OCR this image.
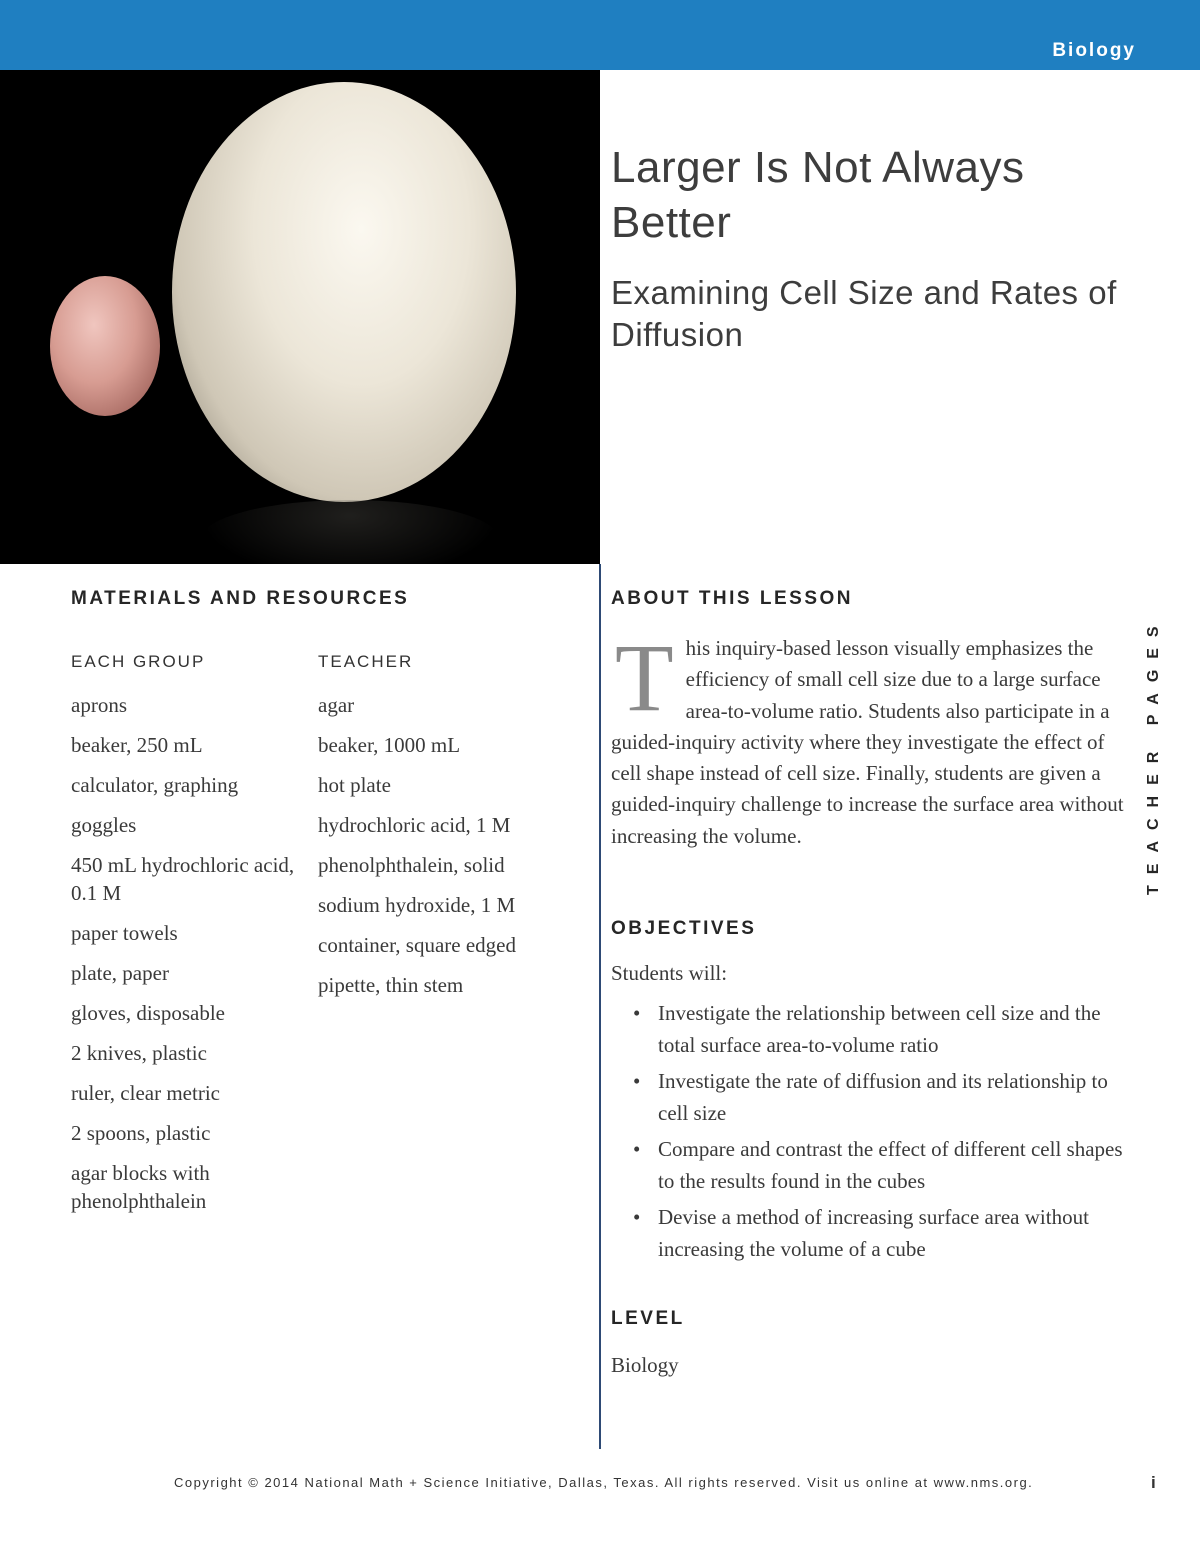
Biology
Larger Is Not Always Better
Examining Cell Size and Rates of Diffusion
MATERIALS AND RESOURCES
EACH GROUP	TEACHER
aprons
beaker, 250 mL
calculator, graphing
goggles
450 mL hydrochloric acid, 0.1 M
paper towels
plate, paper
gloves, disposable
2 knives, plastic
ruler, clear metric
2 spoons, plastic
agar blocks with phenolphthalein
agar
beaker, 1000 mL
hot plate
hydrochloric acid, 1 M
phenolphthalein, solid
sodium hydroxide, 1 M
container, square edged
pipette, thin stem
ABOUT THIS LESSON

This inquiry-based lesson visually emphasizes the efficiency of small cell size due to a large surface area-to-volume ratio. Students also participate in a guided-inquiry activity where they investigate the effect of cell shape instead of cell size. Finally, students are given a guided-inquiry challenge to increase the surface area without increasing the volume.

OBJECTIVES

Students will:

• Investigate the relationship between cell size and the total surface area-to-volume ratio
• Investigate the rate of diffusion and its relationship to cell size
• Compare and contrast the effect of different cell shapes to the results found in the cubes
• Devise a method of increasing surface area without increasing the volume of a cube
LEVEL

Biology

TEACHER PAGES
Copyright © 2014 National Math + Science Initiative, Dallas, Texas. All rights reserved. Visit us online at www.nms.org.	i
